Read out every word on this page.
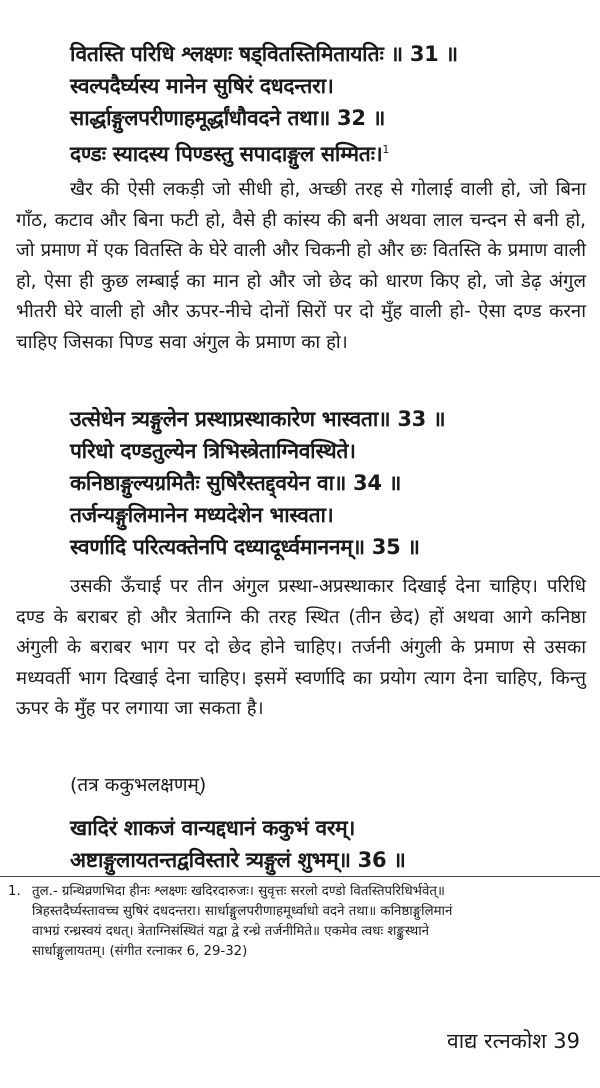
वितस्ति परिधि श्लक्ष्णः षड्वितस्तिमितायतिः ॥ 31 ॥
स्वल्पदैर्घ्यस्य मानेन सुषिरं दधदन्तरा।
सार्द्धाङ्गुलपरीणाहमूर्द्धांधौवदने तथा॥ 32 ॥
दण्डः स्यादस्य पिण्डस्तु सपादाङ्गुल सम्मितः।$^1$

खैर की ऐसी लकड़ी जो सीधी हो, अच्छी तरह से गोलाई वाली हो, जो बिना गाँठ, कटाव और बिना फटी हो, वैसे ही कांस्य की बनी अथवा लाल चन्दन से बनी हो, जो प्रमाण में एक वितस्ति के घेरे वाली और चिकनी हो और छः वितस्ति के प्रमाण वाली हो, ऐसा ही कुछ लम्बाई का मान हो और जो छेद को धारण किए हो, जो डेढ़ अंगुल भीतरी घेरे वाली हो और ऊपर-नीचे दोनों सिरों पर दो मुँह वाली हो- ऐसा दण्ड करना चाहिए जिसका पिण्ड सवा अंगुल के प्रमाण का हो।

उत्सेधेन त्र्यङ्गुलेन प्रस्थाप्रस्थाकारेण भास्वता॥ 33 ॥
परिधो दण्डतुल्येन त्रिभिस्त्रेताग्निवस्थिते।
कनिष्ठाङ्गुल्यग्रमितैः सुषिरैस्तद्द्वयेन वा॥ 34 ॥
तर्जन्यङ्गुलिमानेन मध्यदेशेन भास्वता।
स्वर्णादि परित्यक्तेनपि दध्यादूर्ध्वमाननम्॥ 35 ॥

उसकी ऊँचाई पर तीन अंगुल प्रस्था-अप्रस्थाकार दिखाई देना चाहिए। परिधि दण्ड के बराबर हो और त्रेताग्नि की तरह स्थित (तीन छेद) हों अथवा आगे कनिष्ठा अंगुली के बराबर भाग पर दो छेद होने चाहिए। तर्जनी अंगुली के प्रमाण से उसका मध्यवर्ती भाग दिखाई देना चाहिए। इसमें स्वर्णादि का प्रयोग त्याग देना चाहिए, किन्तु ऊपर के मुँह पर लगाया जा सकता है।

(तत्र ककुभलक्षणम्)
खादिरं शाकजं वान्यद्दधानं ककुभं वरम्।
अष्टाङ्गुलायतन्तद्वविस्तारे त्र्यङ्गुलं शुभम्॥ 36 ॥
1. तुल.- ग्रन्थिव्रणभिदा हीनः श्लक्ष्णः खदिरदारुजः। सुवृत्तः सरलो दण्डो वितस्तिपरिधिर्भवेत्॥
त्रिहस्तदैर्घ्यस्तावच्च सुषिरं दधदन्तरा। सार्धाङ्गुलपरीणाहमूर्ध्वाधो वदने तथा॥ कनिष्ठाङ्गुलिमानं
वाभग्रं रन्ध्रस्वयं दधत्। त्रेताग्निसंस्थितं यद्वा द्वे रन्ध्रे तर्जनीमिते॥ एकमेव त्वधः शङ्कुस्थाने
सार्धाङ्गुलायतम्। (संगीत रत्नाकर 6, 29-32)
वाद्य रत्नकोश 39
